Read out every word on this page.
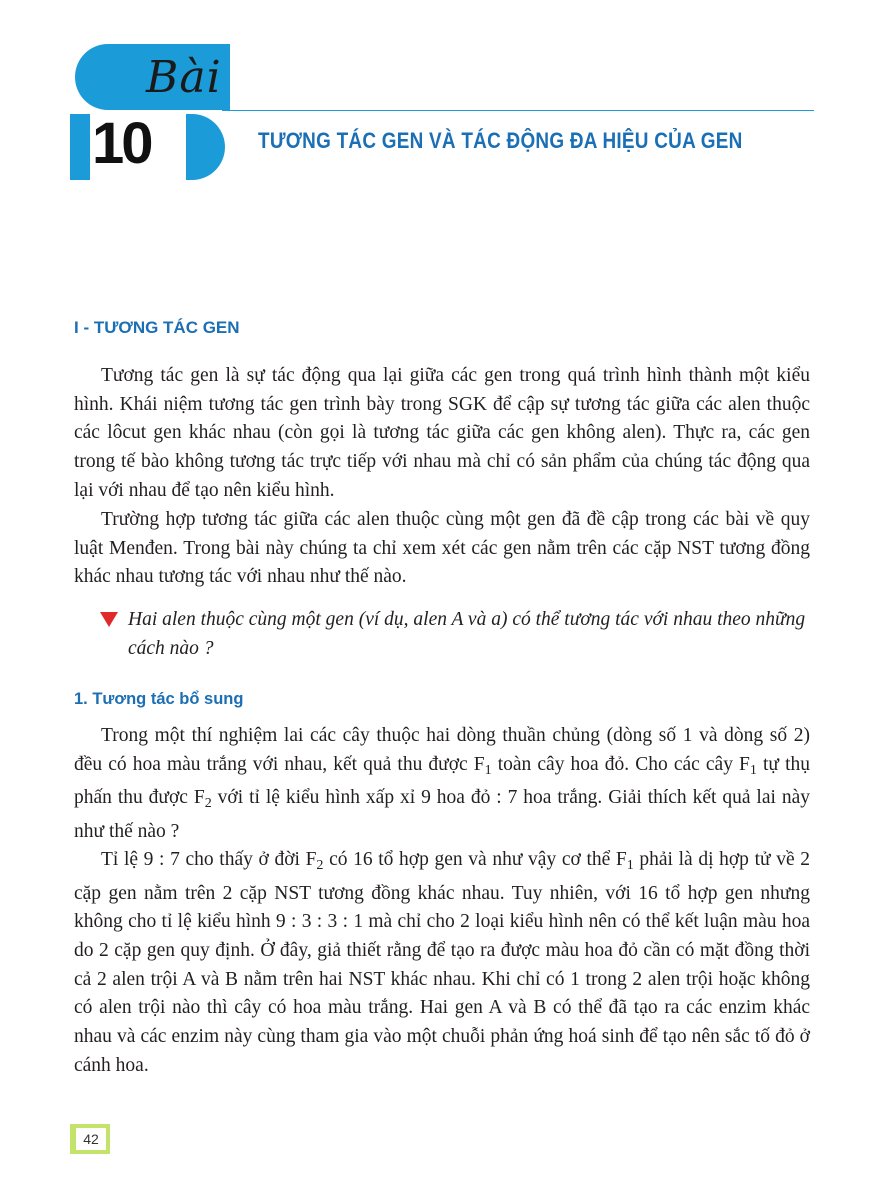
Bài
10	TƯƠNG TÁC GEN VÀ TÁC ĐỘNG ĐA HIỆU CỦA GEN
I - TƯƠNG TÁC GEN

Tương tác gen là sự tác động qua lại giữa các gen trong quá trình hình thành một kiểu hình. Khái niệm tương tác gen trình bày trong SGK để cập sự tương tác giữa các alen thuộc các lôcut gen khác nhau (còn gọi là tương tác giữa các gen không alen). Thực ra, các gen trong tế bào không tương tác trực tiếp với nhau mà chỉ có sản phẩm của chúng tác động qua lại với nhau để tạo nên kiểu hình.

Trường hợp tương tác giữa các alen thuộc cùng một gen đã đề cập trong các bài về quy luật Menđen. Trong bài này chúng ta chỉ xem xét các gen nằm trên các cặp NST tương đồng khác nhau tương tác với nhau như thế nào.

Hai alen thuộc cùng một gen (ví dụ, alen A và a) có thể tương tác với nhau theo những cách nào ?
1. Tương tác bổ sung

Trong một thí nghiệm lai các cây thuộc hai dòng thuần chủng (dòng số 1 và dòng số 2) đều có hoa màu trắng với nhau, kết quả thu được $F_1$ toàn cây hoa đỏ. Cho các cây $F_1$ tự thụ phấn thu được $F_2$ với tỉ lệ kiểu hình xấp xỉ 9 hoa đỏ : 7 hoa trắng. Giải thích kết quả lai này như thế nào ?

Tỉ lệ 9 : 7 cho thấy ở đời $F_2$ có 16 tổ hợp gen và như vậy cơ thể $F_1$ phải là dị hợp tử về 2 cặp gen nằm trên 2 cặp NST tương đồng khác nhau. Tuy nhiên, với 16 tổ hợp gen nhưng không cho tỉ lệ kiểu hình 9 : 3 : 3 : 1 mà chỉ cho 2 loại kiểu hình nên có thể kết luận màu hoa do 2 cặp gen quy định. Ở đây, giả thiết rằng để tạo ra được màu hoa đỏ cần có mặt đồng thời cả 2 alen trội A và B nằm trên hai NST khác nhau. Khi chỉ có 1 trong 2 alen trội hoặc không có alen trội nào thì cây có hoa màu trắng. Hai gen A và B có thể đã tạo ra các enzim khác nhau và các enzim này cùng tham gia vào một chuỗi phản ứng hoá sinh để tạo nên sắc tố đỏ ở cánh hoa.

42
